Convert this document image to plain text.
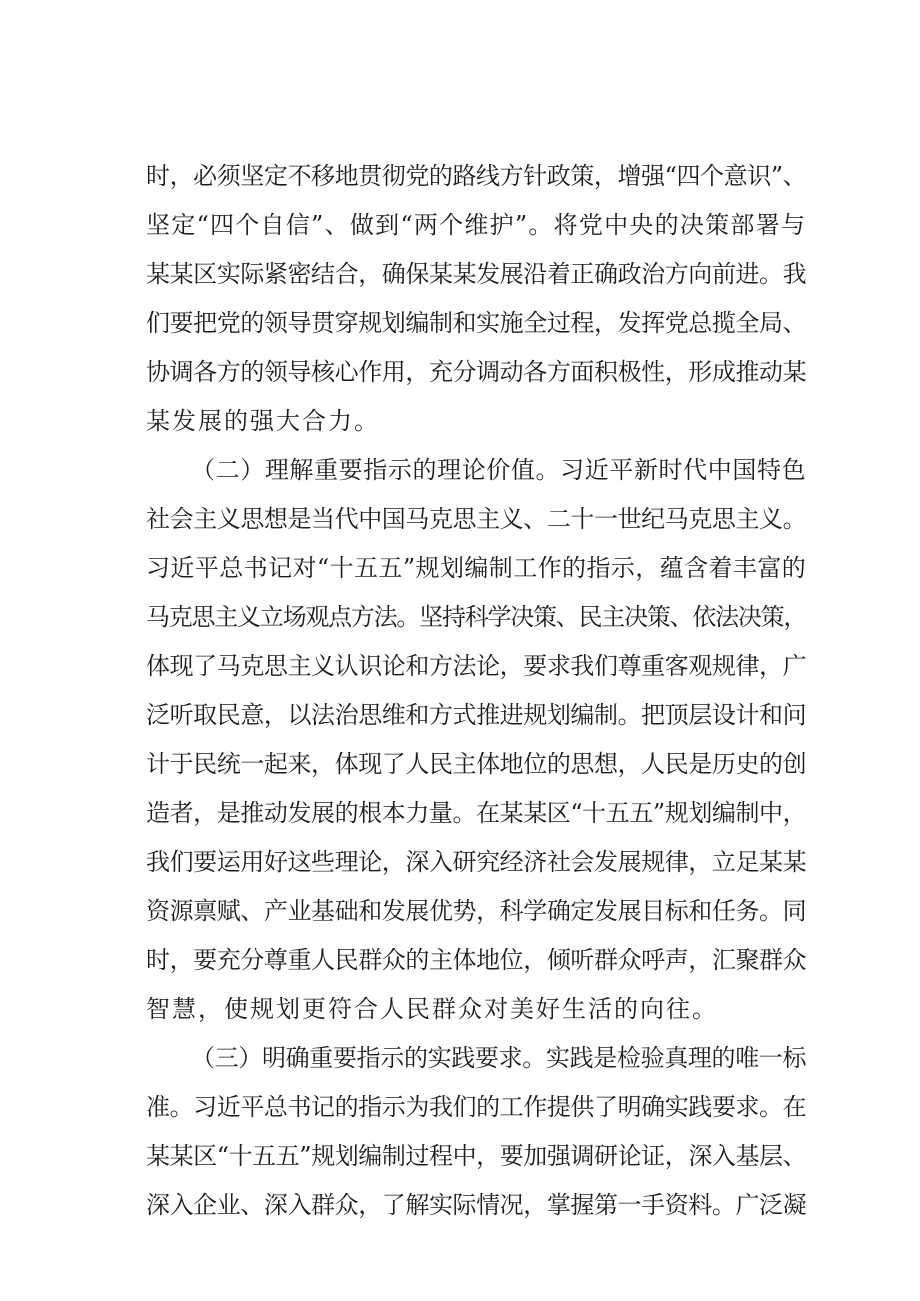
时，必须坚定不移地贯彻党的路线方针政策，增强“四个意识”、
坚定“四个自信”、做到“两个维护”。将党中央的决策部署与
某某区实际紧密结合，确保某某发展沿着正确政治方向前进。我
们要把党的领导贯穿规划编制和实施全过程，发挥党总揽全局、
协调各方的领导核心作用，充分调动各方面积极性，形成推动某
某发展的强大合力。
（二）理解重要指示的理论价值。习近平新时代中国特色
社会主义思想是当代中国马克思主义、二十一世纪马克思主义。
习近平总书记对“十五五”规划编制工作的指示，蕴含着丰富的
马克思主义立场观点方法。坚持科学决策、民主决策、依法决策，
体现了马克思主义认识论和方法论，要求我们尊重客观规律，广
泛听取民意，以法治思维和方式推进规划编制。把顶层设计和问
计于民统一起来，体现了人民主体地位的思想，人民是历史的创
造者，是推动发展的根本力量。在某某区“十五五”规划编制中，
我们要运用好这些理论，深入研究经济社会发展规律，立足某某
资源禀赋、产业基础和发展优势，科学确定发展目标和任务。同
时，要充分尊重人民群众的主体地位，倾听群众呼声，汇聚群众
智慧，使规划更符合人民群众对美好生活的向往。
（三）明确重要指示的实践要求。实践是检验真理的唯一标
准。习近平总书记的指示为我们的工作提供了明确实践要求。在
某某区“十五五”规划编制过程中，要加强调研论证，深入基层、
深入企业、深入群众，了解实际情况，掌握第一手资料。广泛凝
